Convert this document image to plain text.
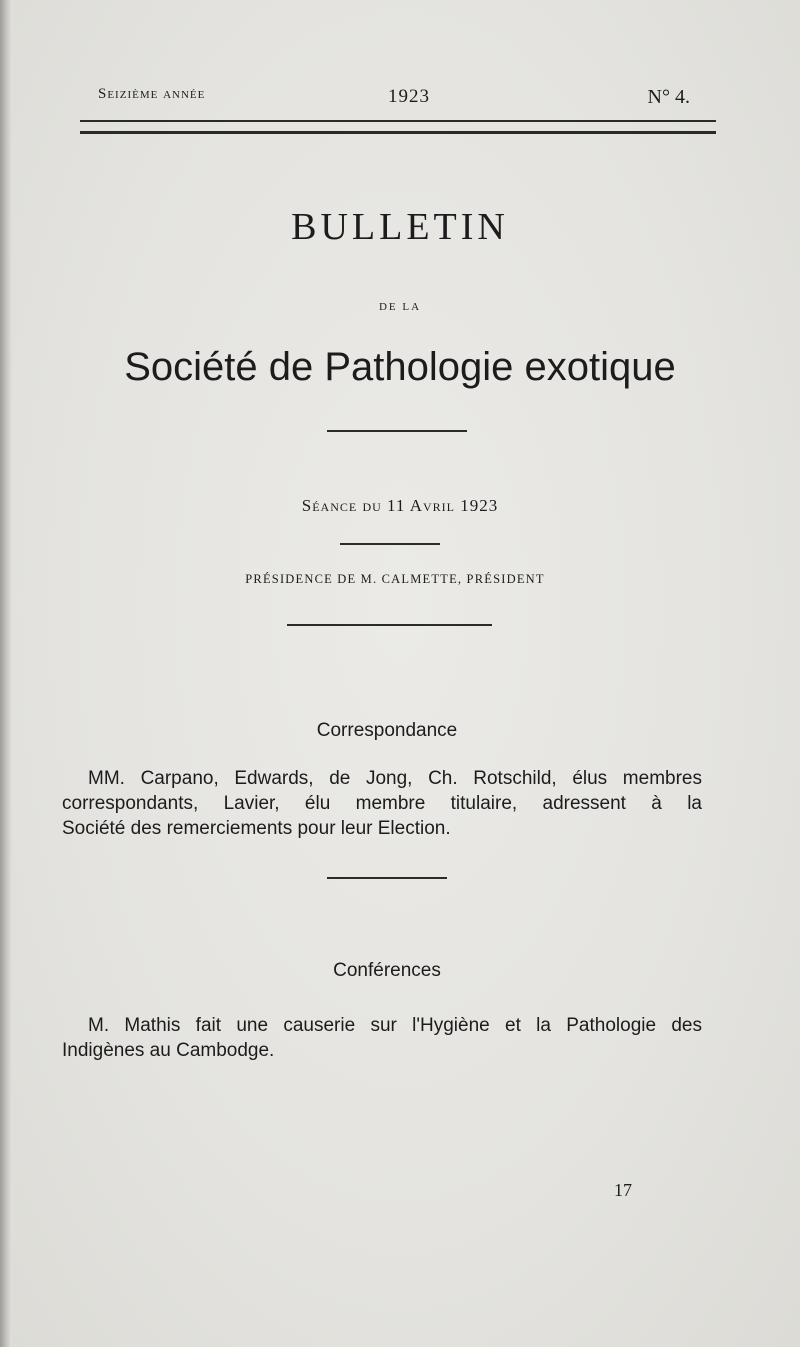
Seizième année	1923	N° 4.
BULLETIN
DE LA
Société de Pathologie exotique
Séance du 11 Avril 1923
PRÉSIDENCE DE M. CALMETTE, PRÉSIDENT
Correspondance
MM. Carpano, Edwards, de Jong, Ch. Rotschild, élus membres
correspondants, Lavier, élu membre titulaire, adressent à la
Société des remerciements pour leur Election.
Conférences
M. Mathis fait une causerie sur l'Hygiène et la Pathologie des
Indigènes au Cambodge.
17
